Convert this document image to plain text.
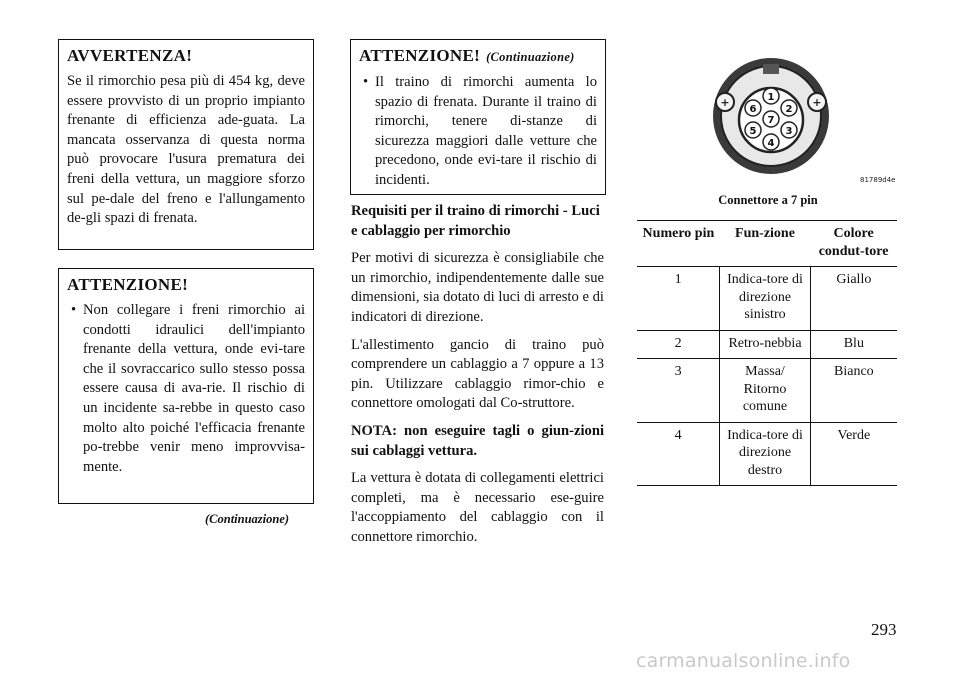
AVVERTENZA!

Se il rimorchio pesa più di 454 kg, deve essere provvisto di un proprio impianto frenante di efficienza ade-guata. La mancata osservanza di questa norma può provocare l'usura prematura dei freni della vettura, un maggiore sforzo sul pe-dale del freno e l'allungamento de-gli spazi di frenata.

ATTENZIONE!

• Non collegare i freni rimorchio ai condotti idraulici dell'impianto frenante della vettura, onde evi-tare che il sovraccarico sullo stesso possa essere causa di ava-rie. Il rischio di un incidente sa-rebbe in questo caso molto alto poiché l'efficacia frenante po-trebbe venir meno improvvisa-mente.

(Continuazione)

ATTENZIONE! (Continuazione)

• Il traino di rimorchi aumenta lo spazio di frenata. Durante il traino di rimorchi, tenere di-stanze di sicurezza maggiori dalle vetture che precedono, onde evi-tare il rischio di incidenti.

Requisiti per il traino di rimorchi - Luci e cablaggio per rimorchio

Per motivi di sicurezza è consigliabile che un rimorchio, indipendentemente dalle sue dimensioni, sia dotato di luci di arresto e di indicatori di direzione.

L'allestimento gancio di traino può comprendere un cablaggio a 7 oppure a 13 pin. Utilizzare cablaggio rimor-chio e connettore omologati dal Co-struttore.

NOTA: non eseguire tagli o giun-zioni sui cablaggi vettura.

La vettura è dotata di collegamenti elettrici completi, ma è necessario ese-guire l'accoppiamento del cablaggio con il connettore rimorchio.

+	+
1
2
3
4
5
6
7
81789d4e
Connettore a 7 pin
Numero pin	Fun-zione	Colore condut-tore
1	Indica-tore di direzione sinistro	Giallo
2	Retro-nebbia	Blu
3	Massa/ Ritorno comune	Bianco
4	Indica-tore di direzione destro	Verde
293
carmanualsonline.info
